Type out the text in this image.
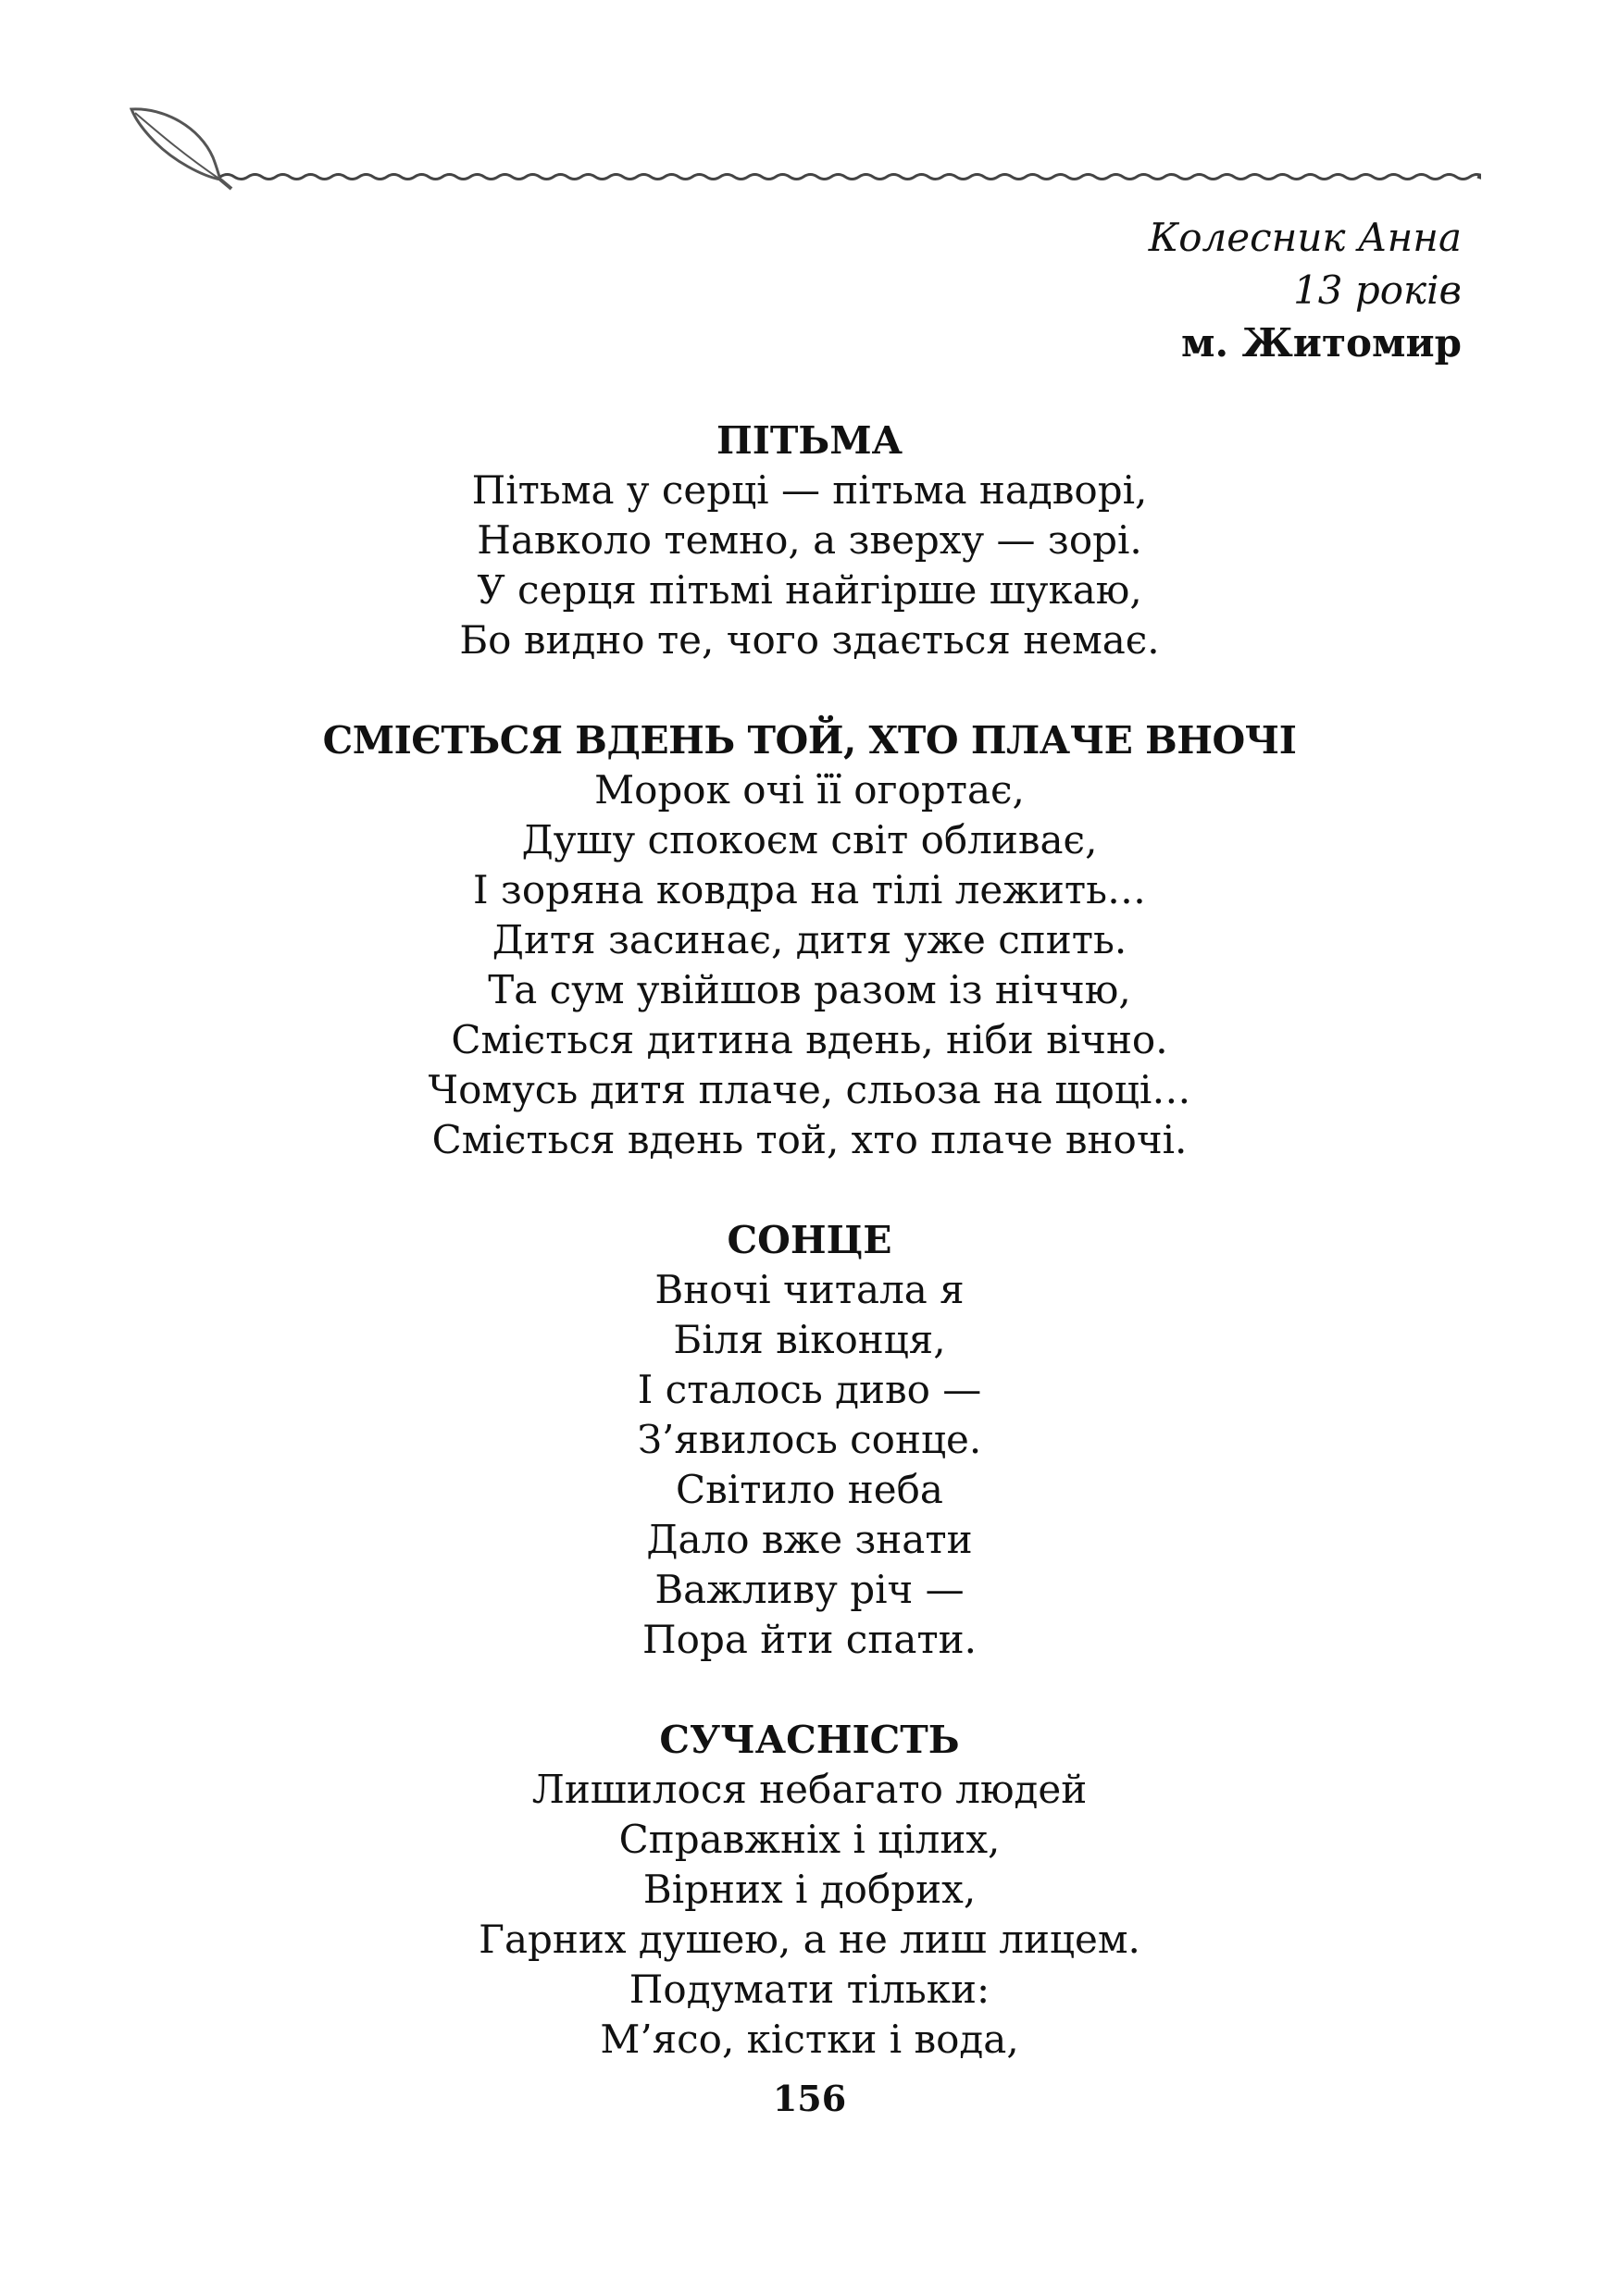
Колесник Анна
13 років
м. Житомир
ПІТЬМА
Пітьма у серці — пітьма надворі,
Навколо темно, а зверху — зорі.
У серця пітьмі найгірше шукаю,
Бо видно те, чого здається немає.
СМІЄТЬСЯ ВДЕНЬ ТОЙ, ХТО ПЛАЧЕ ВНОЧІ
Морок очі її огортає,
Душу спокоєм світ обливає,
І зоряна ковдра на тілі лежить…
Дитя засинає, дитя уже спить.
Та сум увійшов разом із ніччю,
Сміється дитина вдень, ніби вічно.
Чомусь дитя плаче, сльоза на щоці…
Сміється вдень той, хто плаче вночі.
СОНЦЕ
Вночі читала я
Біля віконця,
І сталось диво —
З’явилось сонце.
Світило неба
Дало вже знати
Важливу річ —
Пора йти спати.
СУЧАСНІСТЬ
Лишилося небагато людей
Справжніх і цілих,
Вірних і добрих,
Гарних душею, а не лиш лицем.
Подумати тільки:
М’ясо, кістки і вода,
156
